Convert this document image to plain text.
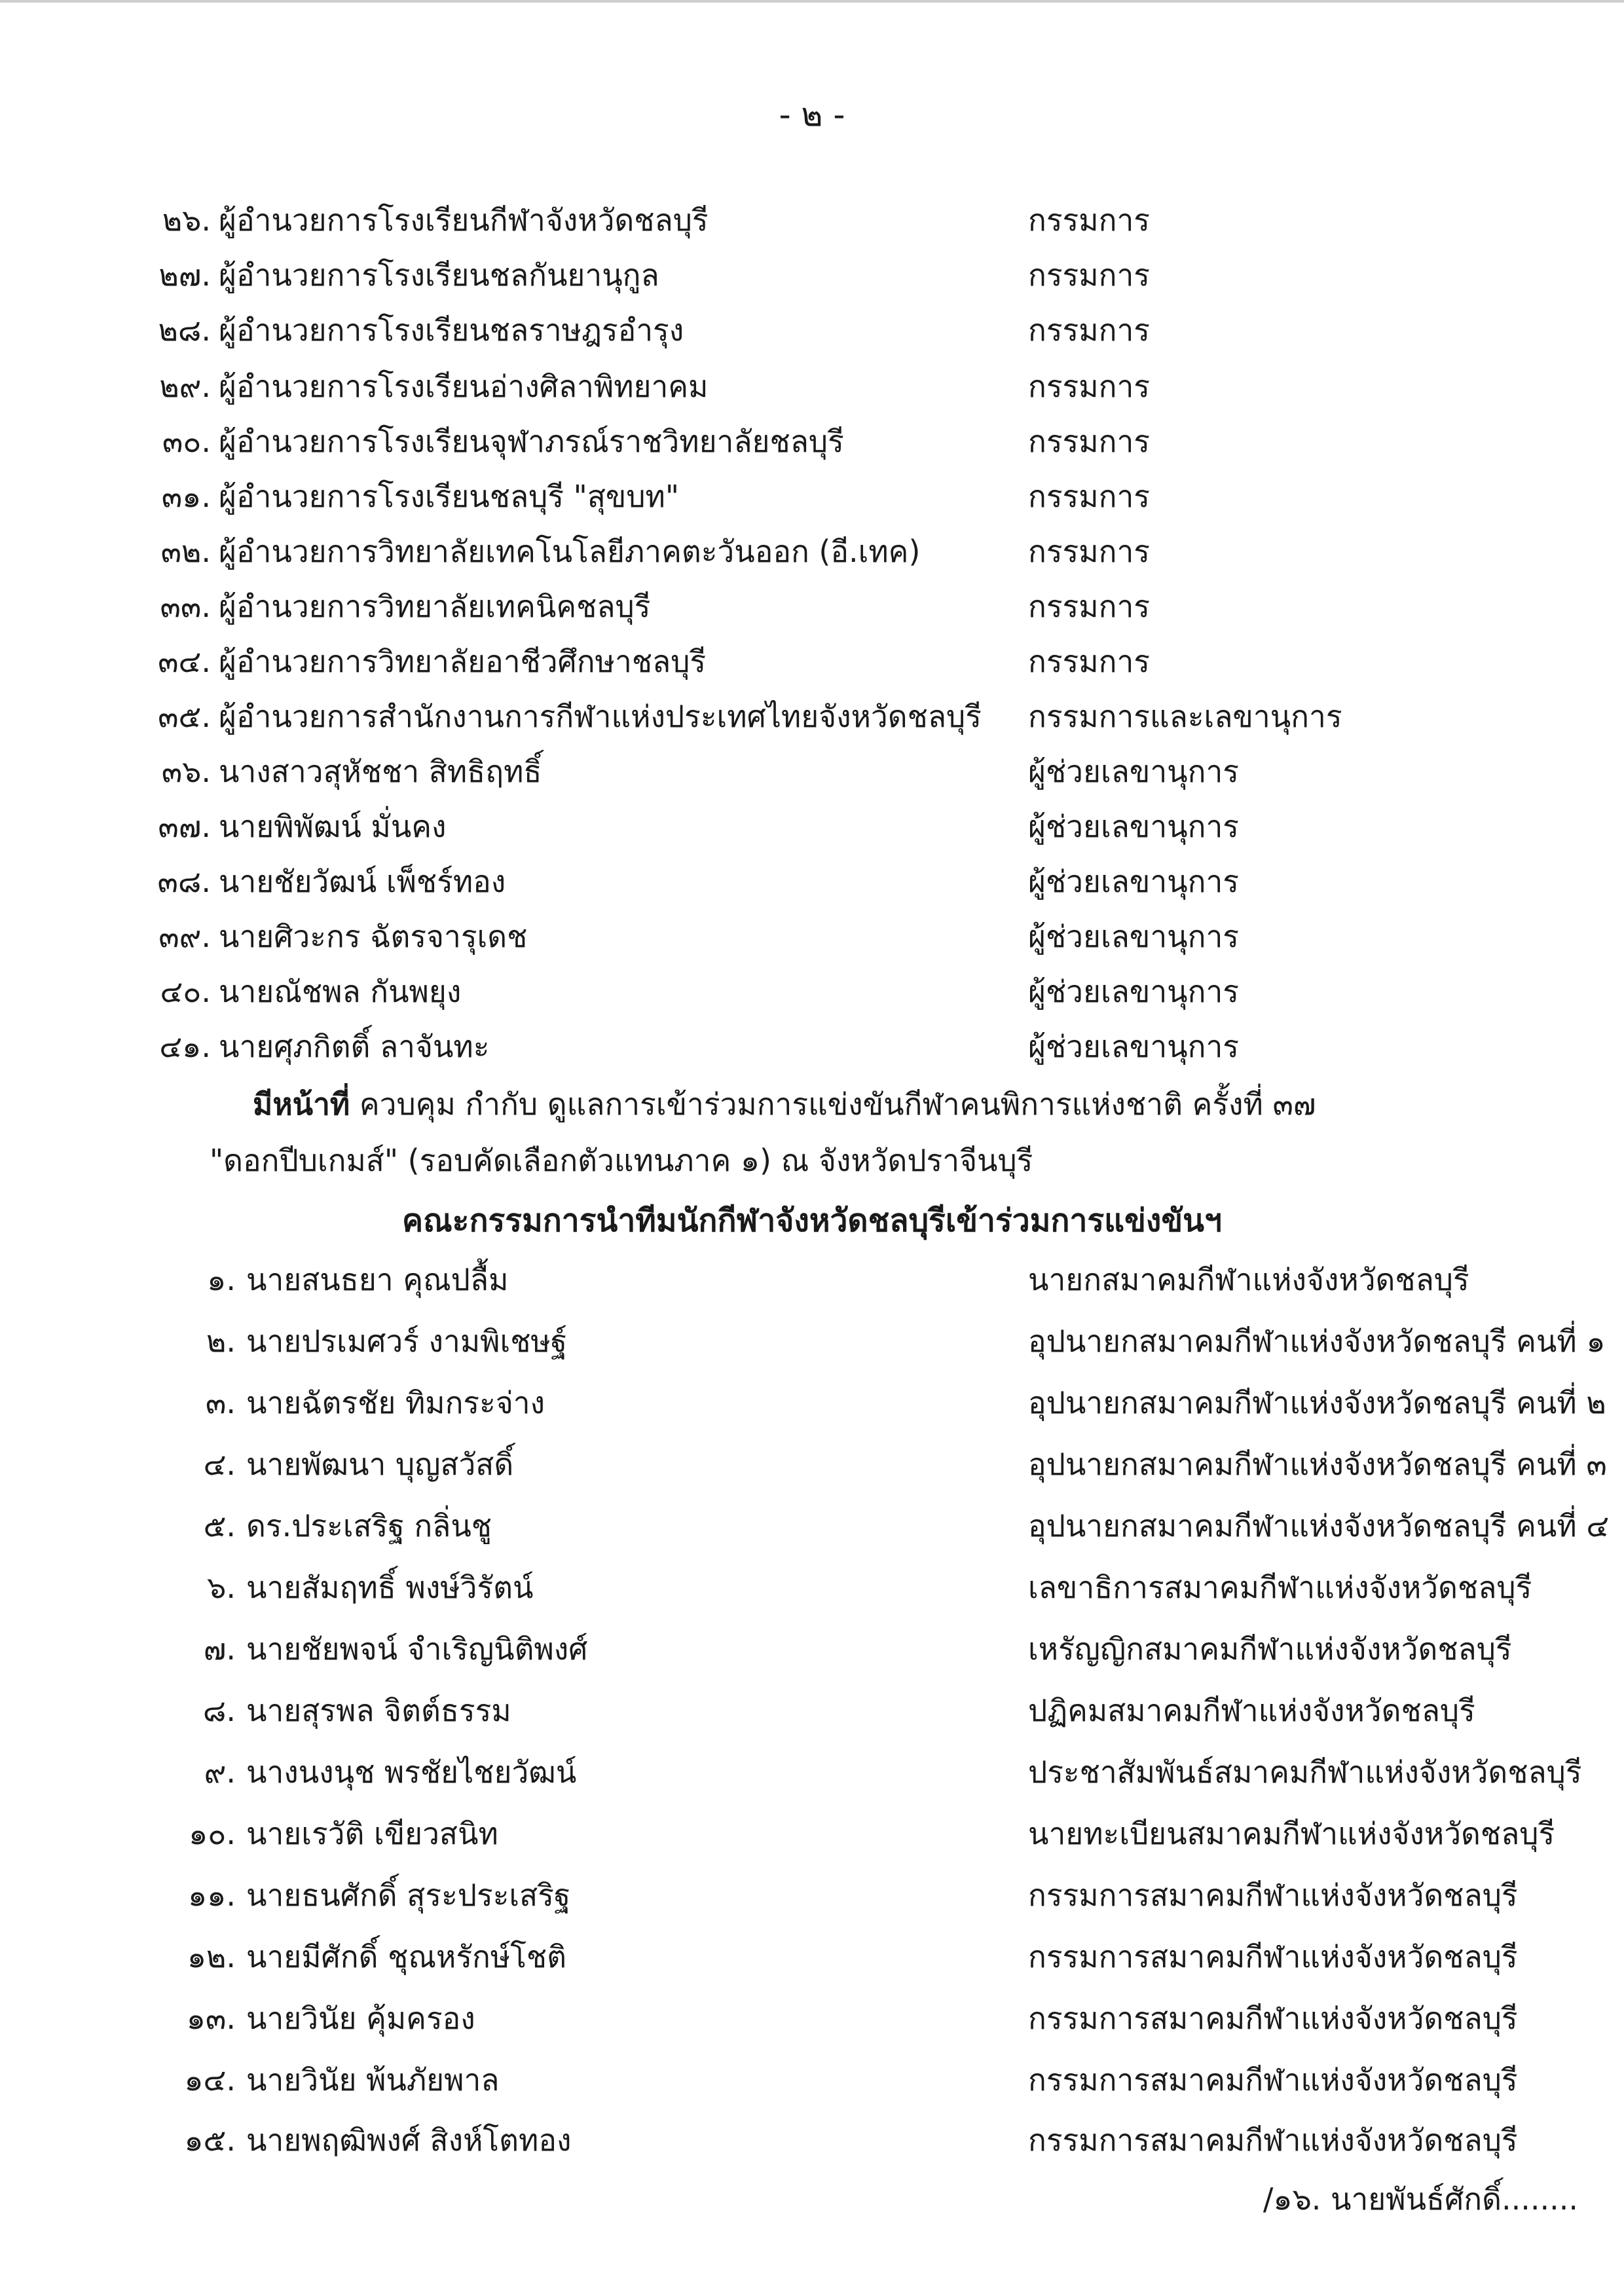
- ๒ -
๒๖. ผู้อำนวยการโรงเรียนกีฬาจังหวัดชลบุรี	กรรมการ
๒๗. ผู้อำนวยการโรงเรียนชลกันยานุกูล	กรรมการ
๒๘. ผู้อำนวยการโรงเรียนชลราษฎรอำรุง	กรรมการ
๒๙. ผู้อำนวยการโรงเรียนอ่างศิลาพิทยาคม	กรรมการ
๓๐. ผู้อำนวยการโรงเรียนจุฬาภรณ์ราชวิทยาลัยชลบุรี	กรรมการ
๓๑. ผู้อำนวยการโรงเรียนชลบุรี "สุขบท"	กรรมการ
๓๒. ผู้อำนวยการวิทยาลัยเทคโนโลยีภาคตะวันออก (อี.เทค)	กรรมการ
๓๓. ผู้อำนวยการวิทยาลัยเทคนิคชลบุรี	กรรมการ
๓๔. ผู้อำนวยการวิทยาลัยอาชีวศึกษาชลบุรี	กรรมการ
๓๕. ผู้อำนวยการสำนักงานการกีฬาแห่งประเทศไทยจังหวัดชลบุรี กรรมการและเลขานุการ
๓๖. นางสาวสุหัชชา สิทธิฤทธิ์	ผู้ช่วยเลขานุการ
๓๗. นายพิพัฒน์ มั่นคง	ผู้ช่วยเลขานุการ
๓๘. นายชัยวัฒน์ เพ็ชร์ทอง	ผู้ช่วยเลขานุการ
๓๙. นายศิวะกร ฉัตรจารุเดช	ผู้ช่วยเลขานุการ
๔๐. นายณัชพล กันพยุง	ผู้ช่วยเลขานุการ
๔๑. นายศุภกิตติ์ ลาจันทะ	ผู้ช่วยเลขานุการ
มีหน้าที่ ควบคุม กำกับ ดูแลการเข้าร่วมการแข่งขันกีฬาคนพิการแห่งชาติ ครั้งที่ ๓๗
"ดอกปีบเกมส์" (รอบคัดเลือกตัวแทนภาค ๑) ณ จังหวัดปราจีนบุรี
คณะกรรมการนำทีมนักกีฬาจังหวัดชลบุรีเข้าร่วมการแข่งขันฯ
๑. นายสนธยา คุณปลื้ม	นายกสมาคมกีฬาแห่งจังหวัดชลบุรี
๒. นายปรเมศวร์ งามพิเชษฐ์	อุปนายกสมาคมกีฬาแห่งจังหวัดชลบุรี คนที่ ๑
๓. นายฉัตรชัย ทิมกระจ่าง	อุปนายกสมาคมกีฬาแห่งจังหวัดชลบุรี คนที่ ๒
๔. นายพัฒนา บุญสวัสดิ์	อุปนายกสมาคมกีฬาแห่งจังหวัดชลบุรี คนที่ ๓
๕. ดร.ประเสริฐ กลิ่นชู	อุปนายกสมาคมกีฬาแห่งจังหวัดชลบุรี คนที่ ๔
๖. นายสัมฤทธิ์ พงษ์วิรัตน์	เลขาธิการสมาคมกีฬาแห่งจังหวัดชลบุรี
๗. นายชัยพจน์ จำเริญนิติพงศ์	เหรัญญิกสมาคมกีฬาแห่งจังหวัดชลบุรี
๘. นายสุรพล จิตต์ธรรม	ปฏิคมสมาคมกีฬาแห่งจังหวัดชลบุรี
๙. นางนงนุช พรชัยไชยวัฒน์	ประชาสัมพันธ์สมาคมกีฬาแห่งจังหวัดชลบุรี
๑๐. นายเรวัติ เขียวสนิท	นายทะเบียนสมาคมกีฬาแห่งจังหวัดชลบุรี
๑๑. นายธนศักดิ์ สุระประเสริฐ	กรรมการสมาคมกีฬาแห่งจังหวัดชลบุรี
๑๒. นายมีศักดิ์ ชุณหรักษ์โชติ	กรรมการสมาคมกีฬาแห่งจังหวัดชลบุรี
๑๓. นายวินัย คุ้มครอง	กรรมการสมาคมกีฬาแห่งจังหวัดชลบุรี
๑๔. นายวินัย พ้นภัยพาล	กรรมการสมาคมกีฬาแห่งจังหวัดชลบุรี
๑๕. นายพฤฒิพงศ์ สิงห์โตทอง	กรรมการสมาคมกีฬาแห่งจังหวัดชลบุรี
/๑๖. นายพันธ์ศักดิ์........
